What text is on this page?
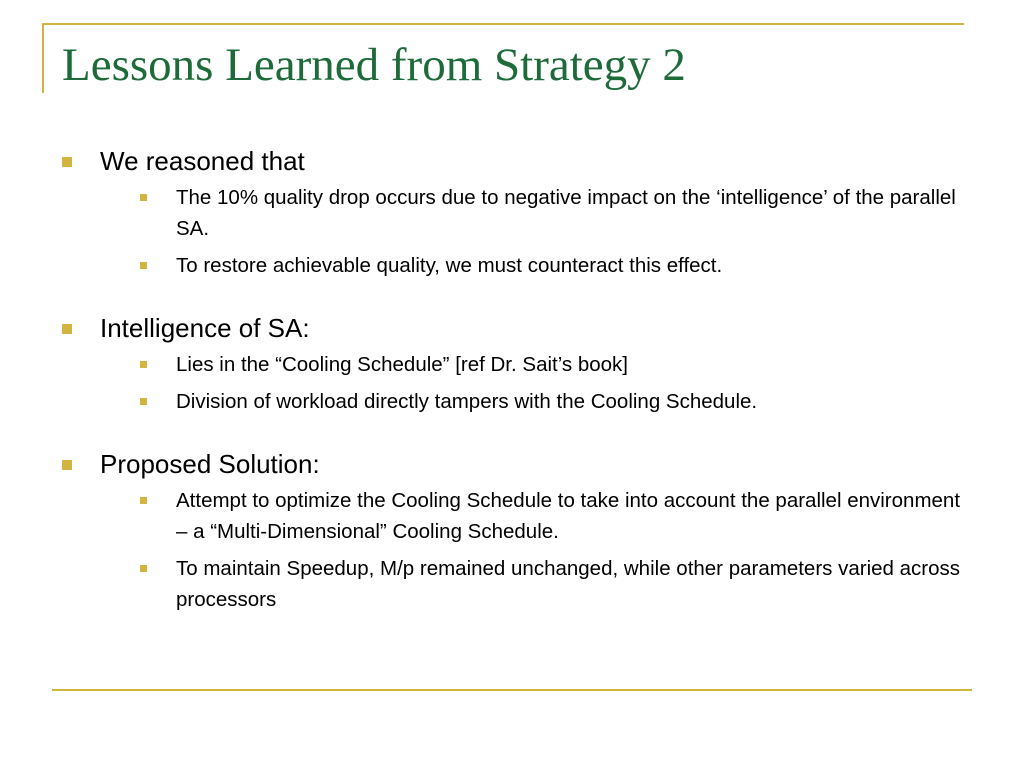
Lessons Learned from Strategy 2
We reasoned that
The 10% quality drop occurs due to negative impact on the ‘intelligence’ of the parallel SA.
To restore achievable quality, we must counteract this effect.
Intelligence of SA:
Lies in the “Cooling Schedule” [ref Dr. Sait’s book]
Division of workload directly tampers with the Cooling Schedule.
Proposed Solution:
Attempt to optimize the Cooling Schedule to take into account the parallel environment – a “Multi-Dimensional” Cooling Schedule.
To maintain Speedup, M/p remained unchanged, while other parameters varied across processors
